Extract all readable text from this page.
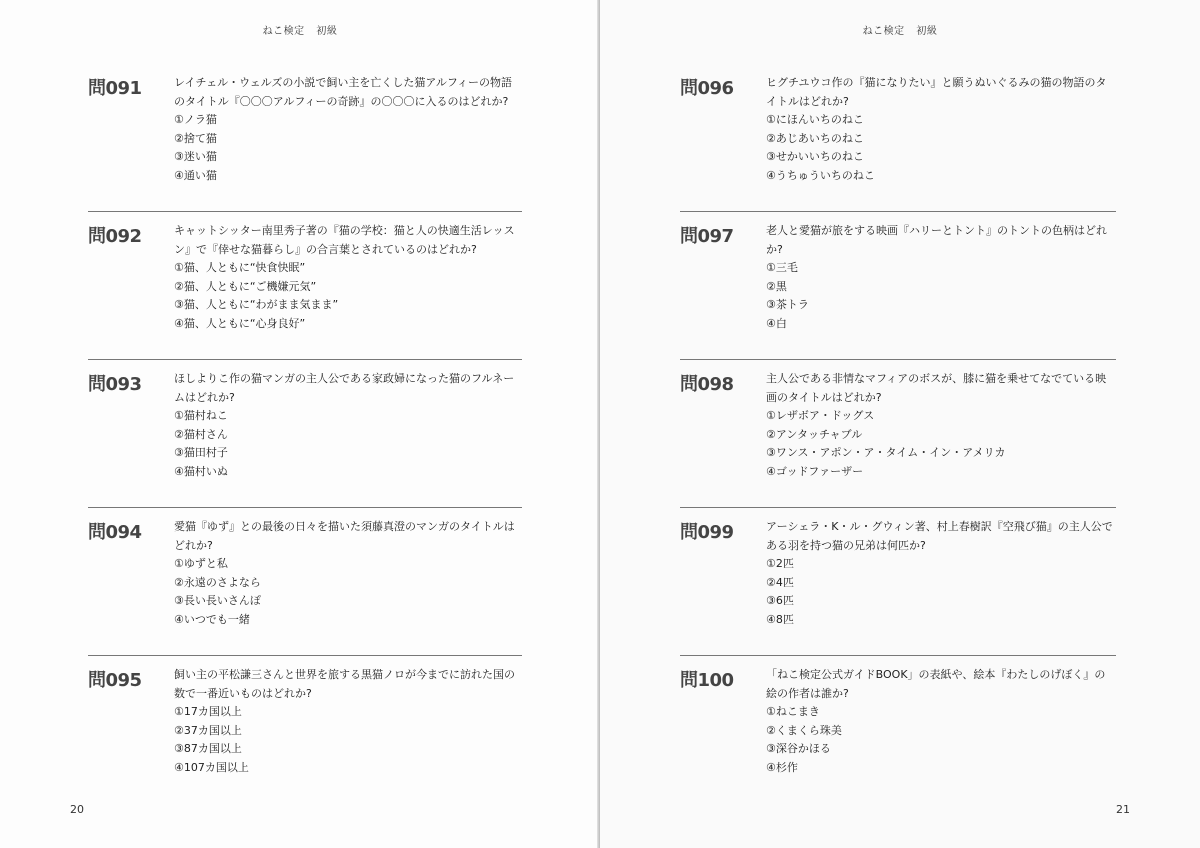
ねこ検定 初級
問091	レイチェル・ウェルズの小説で飼い主を亡くした猫アルフィーの物語のタイトル『〇〇〇アルフィーの奇跡』の〇〇〇に入るのはどれか?

①ノラ猫

②捨て猫

③迷い猫

④通い猫

問092	キャットシッター南里秀子著の『猫の学校：猫と人の快適生活レッスン』で『倖せな猫暮らし』の合言葉とされているのはどれか?

①猫、人ともに“快食快眠”

②猫、人ともに“ご機嫌元気”

③猫、人ともに“わがまま気まま”

④猫、人ともに“心身良好”

問093	ほしよりこ作の猫マンガの主人公である家政婦になった猫のフルネームはどれか?

①猫村ねこ

②猫村さん

③猫田村子

④猫村いぬ

問094	愛猫『ゆず』との最後の日々を描いた須藤真澄のマンガのタイトルはどれか?

①ゆずと私

②永遠のさよなら

③長い長いさんぽ

④いつでも一緒

問095	飼い主の平松謙三さんと世界を旅する黒猫ノロが今までに訪れた国の数で一番近いものはどれか?

①17カ国以上

②37カ国以上

③87カ国以上

④107カ国以上

20
ねこ検定 初級
問096	ヒグチユウコ作の『猫になりたい』と願うぬいぐるみの猫の物語のタイトルはどれか?

①にほんいちのねこ

②あじあいちのねこ

③せかいいちのねこ

④うちゅういちのねこ

問097	老人と愛猫が旅をする映画『ハリーとトント』のトントの色柄はどれか?

①三毛

②黒

③茶トラ

④白

問098	主人公である非情なマフィアのボスが、膝に猫を乗せてなでている映画のタイトルはどれか?

①レザボア・ドッグス

②アンタッチャブル

③ワンス・アポン・ア・タイム・イン・アメリカ

④ゴッドファーザー

問099	アーシェラ・K・ル・グウィン著、村上春樹訳『空飛び猫』の主人公である羽を持つ猫の兄弟は何匹か?

①2匹

②4匹

③6匹

④8匹

問100	「ねこ検定公式ガイドBOOK」の表紙や、絵本『わたしのげぼく』の絵の作者は誰か?

①ねこまき

②くまくら珠美

③深谷かほる

④杉作

21
